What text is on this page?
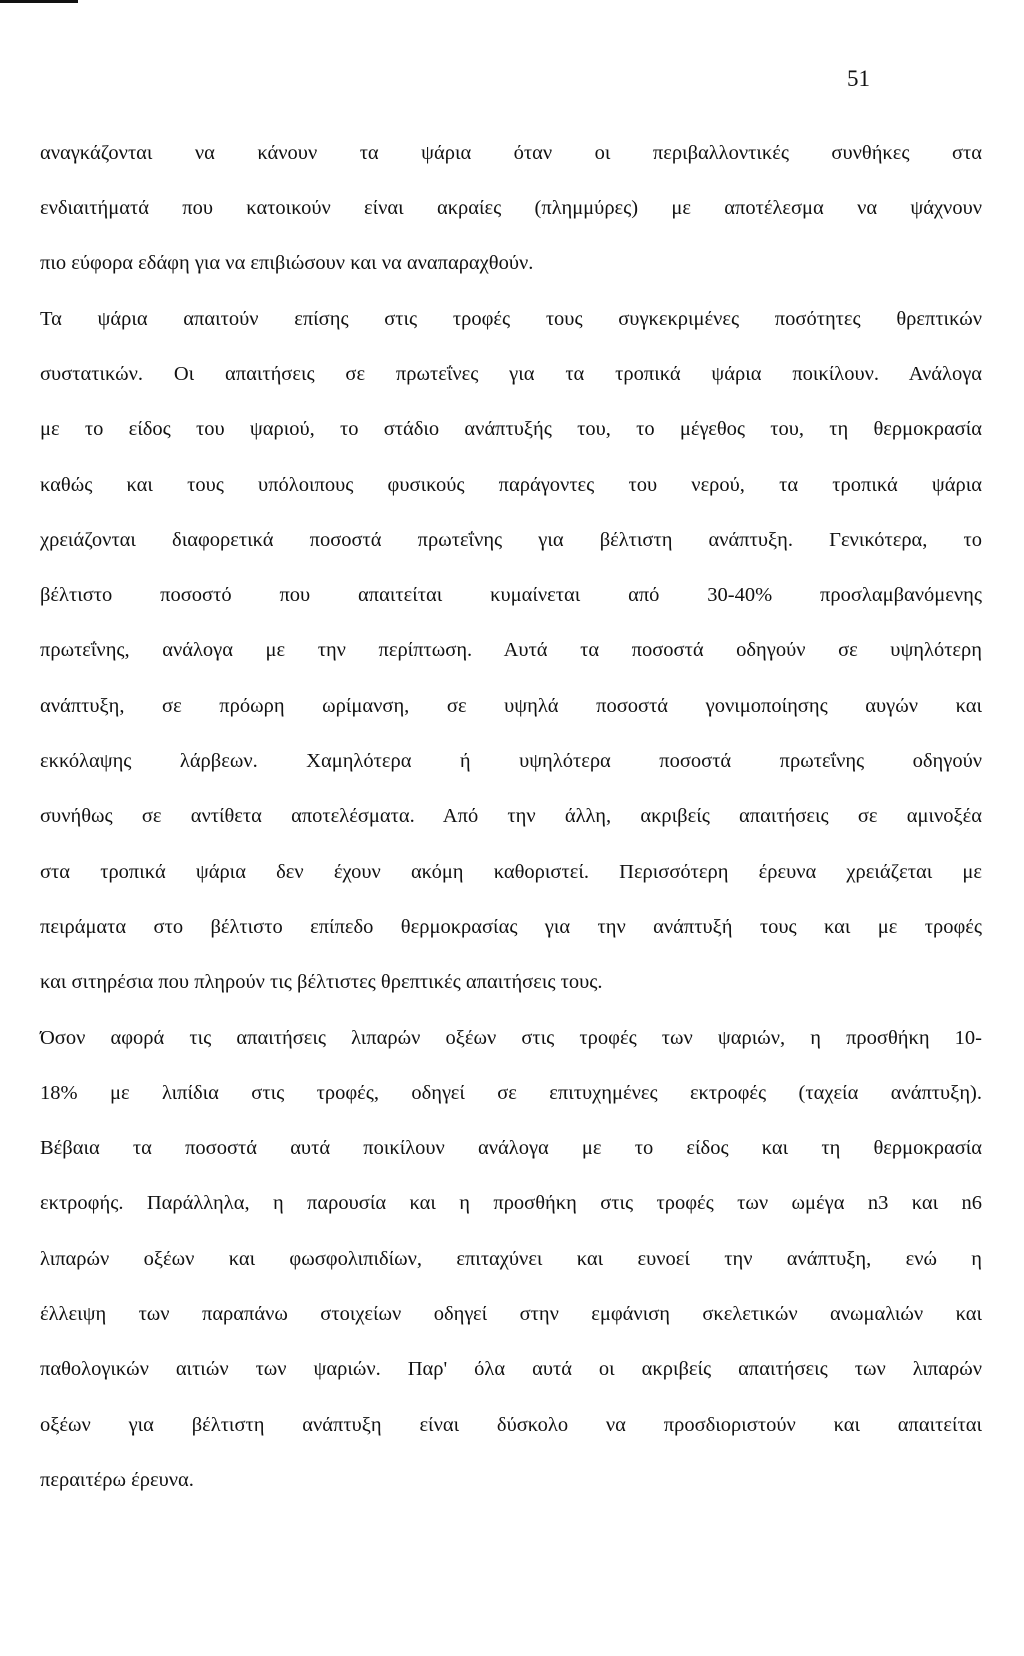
51
αναγκάζονται να κάνουν τα ψάρια όταν οι περιβαλλοντικές συνθήκες στα
ενδιαιτήματά που κατοικούν είναι ακραίες (πλημμύρες) με αποτέλεσμα να ψάχνουν
πιο εύφορα εδάφη για να επιβιώσουν και να αναπαραχθούν.
Τα ψάρια απαιτούν επίσης στις τροφές τους συγκεκριμένες ποσότητες θρεπτικών
συστατικών. Οι απαιτήσεις σε πρωτεΐνες για τα τροπικά ψάρια ποικίλουν. Ανάλογα
με το είδος του ψαριού, το στάδιο ανάπτυξής του, το μέγεθος του, τη θερμοκρασία
καθώς και τους υπόλοιπους φυσικούς παράγοντες του νερού, τα τροπικά ψάρια
χρειάζονται διαφορετικά ποσοστά πρωτεΐνης για βέλτιστη ανάπτυξη. Γενικότερα, το
βέλτιστο ποσοστό που απαιτείται κυμαίνεται από 30-40% προσλαμβανόμενης
πρωτεΐνης, ανάλογα με την περίπτωση. Αυτά τα ποσοστά οδηγούν σε υψηλότερη
ανάπτυξη, σε πρόωρη ωρίμανση, σε υψηλά ποσοστά γονιμοποίησης αυγών και
εκκόλαψης λάρβεων. Χαμηλότερα ή υψηλότερα ποσοστά πρωτεΐνης οδηγούν
συνήθως σε αντίθετα αποτελέσματα. Από την άλλη, ακριβείς απαιτήσεις σε αμινοξέα
στα τροπικά ψάρια δεν έχουν ακόμη καθοριστεί. Περισσότερη έρευνα χρειάζεται με
πειράματα στο βέλτιστο επίπεδο θερμοκρασίας για την ανάπτυξή τους και με τροφές
και σιτηρέσια που πληρούν τις βέλτιστες θρεπτικές απαιτήσεις τους.
Όσον αφορά τις απαιτήσεις λιπαρών οξέων στις τροφές των ψαριών, η προσθήκη 10-
18% με λιπίδια στις τροφές, οδηγεί σε επιτυχημένες εκτροφές (ταχεία ανάπτυξη).
Βέβαια τα ποσοστά αυτά ποικίλουν ανάλογα με το είδος και τη θερμοκρασία
εκτροφής. Παράλληλα, η παρουσία και η προσθήκη στις τροφές των ωμέγα n3 και n6
λιπαρών οξέων και φωσφολιπιδίων, επιταχύνει και ευνοεί την ανάπτυξη, ενώ η
έλλειψη των παραπάνω στοιχείων οδηγεί στην εμφάνιση σκελετικών ανωμαλιών και
παθολογικών αιτιών των ψαριών. Παρ' όλα αυτά οι ακριβείς απαιτήσεις των λιπαρών
οξέων για βέλτιστη ανάπτυξη είναι δύσκολο να προσδιοριστούν και απαιτείται
περαιτέρω έρευνα.
